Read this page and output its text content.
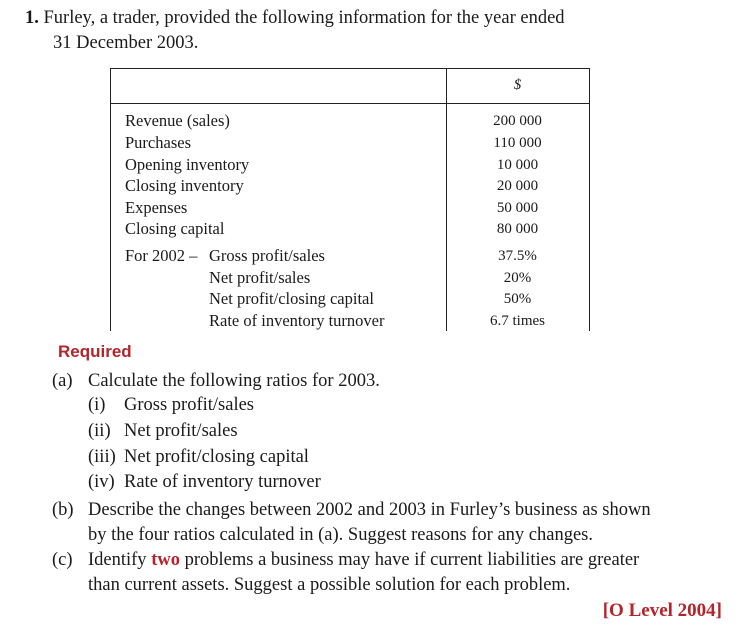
1. Furley, a trader, provided the following information for the year ended
31 December 2003.
$
Revenue (sales)	200 000
Purchases	110 000
Opening inventory	10 000
Closing inventory	20 000
Expenses	50 000
Closing capital	80 000
For 2002 – Gross profit/sales	37.5%
Net profit/sales	20%
Net profit/closing capital	50%
Rate of inventory turnover	6.7 times
Required
(a) Calculate the following ratios for 2003.
(i) Gross profit/sales
(ii) Net profit/sales
(iii) Net profit/closing capital
(iv) Rate of inventory turnover
(b) Describe the changes between 2002 and 2003 in Furley’s business as shown
by the four ratios calculated in (a). Suggest reasons for any changes.
(c) Identify two problems a business may have if current liabilities are greater
than current assets. Suggest a possible solution for each problem.
[O Level 2004]
